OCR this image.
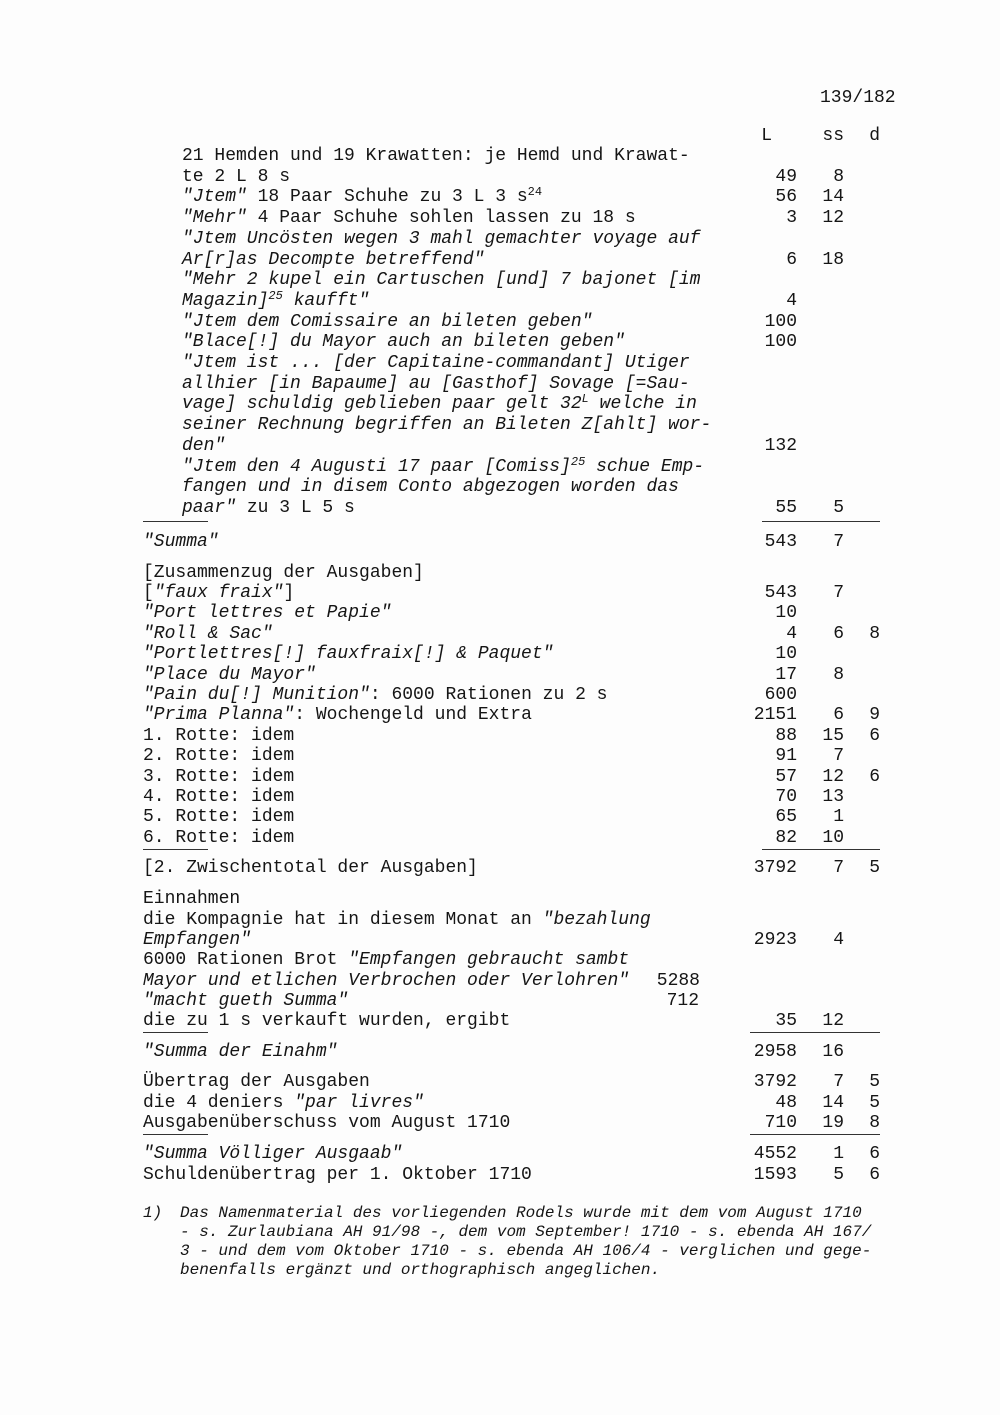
139/182
L	ss d
21 Hemden und 19 Krawatten: je Hemd und Krawat-
te 2 L 8 s	49 8
"Jtem" 18 Paar Schuhe zu 3 L 3 $s^{24}$	56 14
"Mehr" 4 Paar Schuhe sohlen lassen zu 18 s	3 12
"Jtem Uncösten wegen 3 mahl gemachter voyage auf
Ar[r]as Decompte betreffend"	6 18
"Mehr 2 kupel ein Cartuschen [und] 7 bajonet [im
Magazin]$^{25}$ kaufft"	4
"Jtem dem Comissaire an bileten geben"	100
"Blace[!] du Mayor auch an bileten geben"	100
"Jtem ist ... [der Capitaine-commandant] Utiger
allhier [in Bapaume] au [Gasthof] Sovage [=Sau-
vage] schuldig geblieben paar gelt $32^L$ welche in
seiner Rechnung begriffen an Bileten Z[ahlt] wor-
den"	132
"Jtem den 4 Augusti 17 paar [Comiss]$^{25}$ schue Emp-
fangen und in disem Conto abgezogen worden das
paar" zu 3 L 5 s	55 5
"Summa"	543 7
[Zusammenzug der Ausgaben]
["faux fraix"]	543 7
"Port lettres et Papie"	10
"Roll & Sac"	4 6 8
"Portlettres[!] fauxfraix[!] & Paquet"	10
"Place du Mayor"	17 8
"Pain du[!] Munition": 6000 Rationen zu 2 s	600
"Prima Planna": Wochengeld und Extra	2151 6 9
1. Rotte: idem	88 15 6
2. Rotte: idem	91 7
3. Rotte: idem	57 12 6
4. Rotte: idem	70 13
5. Rotte: idem	65 1
6. Rotte: idem	82 10
[2. Zwischentotal der Ausgaben]	3792 7 5
Einnahmen
die Kompagnie hat in diesem Monat an "bezahlung
Empfangen"	2923 4
6000 Rationen Brot "Empfangen gebraucht sambt
Mayor und etlichen Verbrochen oder Verlohren" 5288
"macht gueth Summa"	712
die zu 1 s verkauft wurden, ergibt	35 12
"Summa der Einahm"	2958 16
Übertrag der Ausgaben	3792 7 5
die 4 deniers "par livres"	48 14 5
Ausgabenüberschuss vom August 1710	710 19 8
"Summa Völliger Ausgaab"	4552 1 6
Schuldenübertrag per 1. Oktober 1710	1593 5 6
1) Das Namenmaterial des vorliegenden Rodels wurde mit dem vom August 1710
- s. Zurlaubiana AH 91/98 -, dem vom September! 1710 - s. ebenda AH 167/
3 - und dem vom Oktober 1710 - s. ebenda AH 106/4 - verglichen und gege-
benenfalls ergänzt und orthographisch angeglichen.
